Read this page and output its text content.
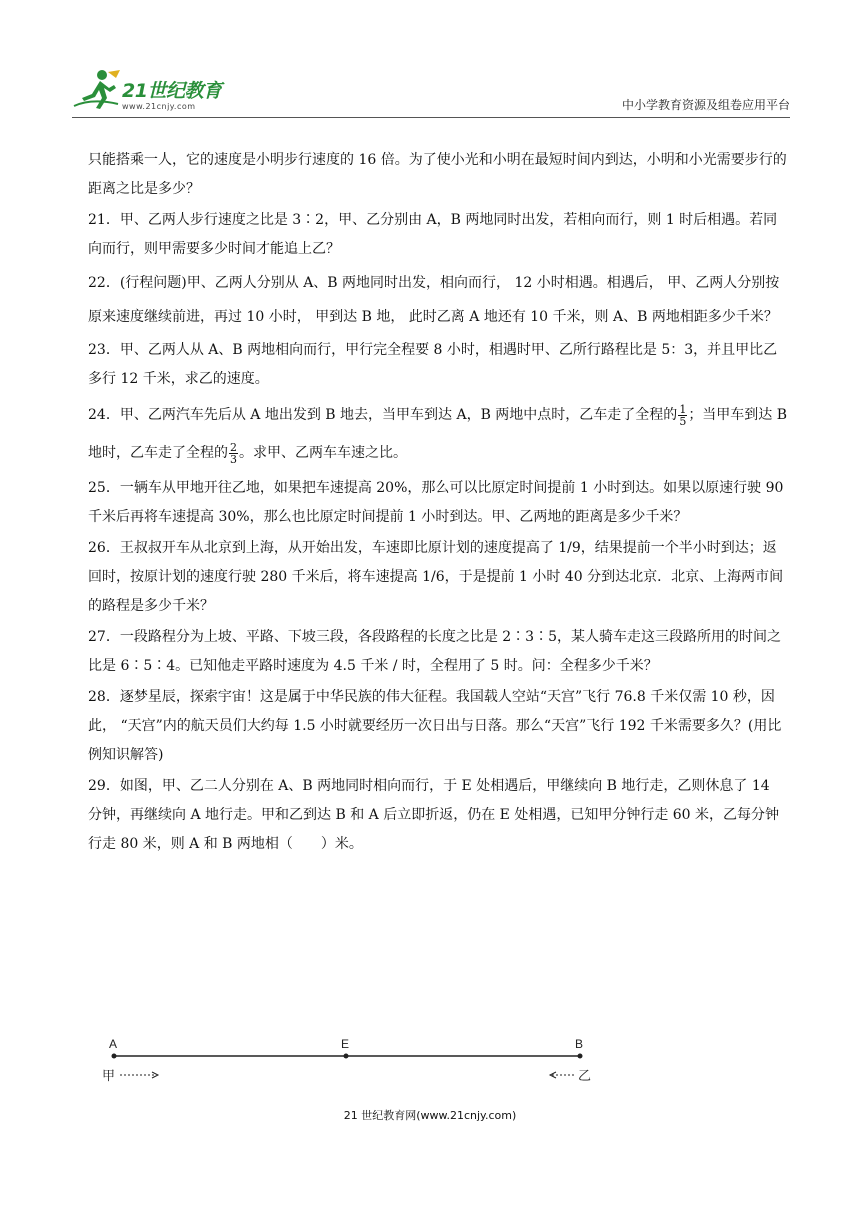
21世纪教育
www.21cnjy.com	中小学教育资源及组卷应用平台

只能搭乘一人，它的速度是小明步行速度的 16 倍。为了使小光和小明在最短时间内到达，小明和小光需要步行的距离之比是多少？

21．甲、乙两人步行速度之比是 3∶2，甲、乙分别由 A，B 两地同时出发，若相向而行，则 1 时后相遇。若同向而行，则甲需要多少时间才能追上乙？

22．(行程问题)甲、乙两人分别从 A、B 两地同时出发，相向而行， 12 小时相遇。相遇后， 甲、乙两人分别按原来速度继续前进，再过 10 小时， 甲到达 B 地， 此时乙离 A 地还有 10 千米，则 A、B 两地相距多少千米？

23．甲、乙两人从 A、B 两地相向而行，甲行完全程要 8 小时，相遇时甲、乙所行路程比是 5：3，并且甲比乙多行 12 千米，求乙的速度。

24．甲、乙两汽车先后从 A 地出发到 B 地去，当甲车到达 A，B 两地中点时，乙车走了全程的 $\frac{1}{5}$ ；当甲车到达 B 地时，乙车走了全程的 $\frac{2}{3}$ 。求甲、乙两车车速之比。

25．一辆车从甲地开往乙地，如果把车速提高 20%，那么可以比原定时间提前 1 小时到达。如果以原速行驶 90 千米后再将车速提高 30%，那么也比原定时间提前 1 小时到达。甲、乙两地的距离是多少千米？

26．王叔叔开车从北京到上海，从开始出发，车速即比原计划的速度提高了 1/9，结果提前一个半小时到达；返回时，按原计划的速度行驶 280 千米后，将车速提高 1/6，于是提前 1 小时 40 分到达北京．北京、上海两市间的路程是多少千米？

27．一段路程分为上坡、平路、下坡三段，各段路程的长度之比是 2∶3∶5，某人骑车走这三段路所用的时间之比是 6∶5∶4。已知他走平路时速度为 4.5 千米 / 时，全程用了 5 时。问：全程多少千米？

28．逐梦星辰，探索宇宙！这是属于中华民族的伟大征程。我国载人空站“天宫”飞行 76.8 千米仅需 10 秒，因此， “天宫”内的航天员们大约每 1.5 小时就要经历一次日出与日落。那么“天宫”飞行 192 千米需要多久？(用比例知识解答)

29．如图，甲、乙二人分别在 A、B 两地同时相向而行，于 E 处相遇后，甲继续向 B 地行走，乙则休息了 14 分钟，再继续向 A 地行走。甲和乙到达 B 和 A 后立即折返，仍在 E 处相遇，已知甲分钟行走 60 米，乙每分钟行走 80 米，则 A 和 B 两地相（　　）米。

A	E	B
甲	乙
21 世纪教育网(www.21cnjy.com)
